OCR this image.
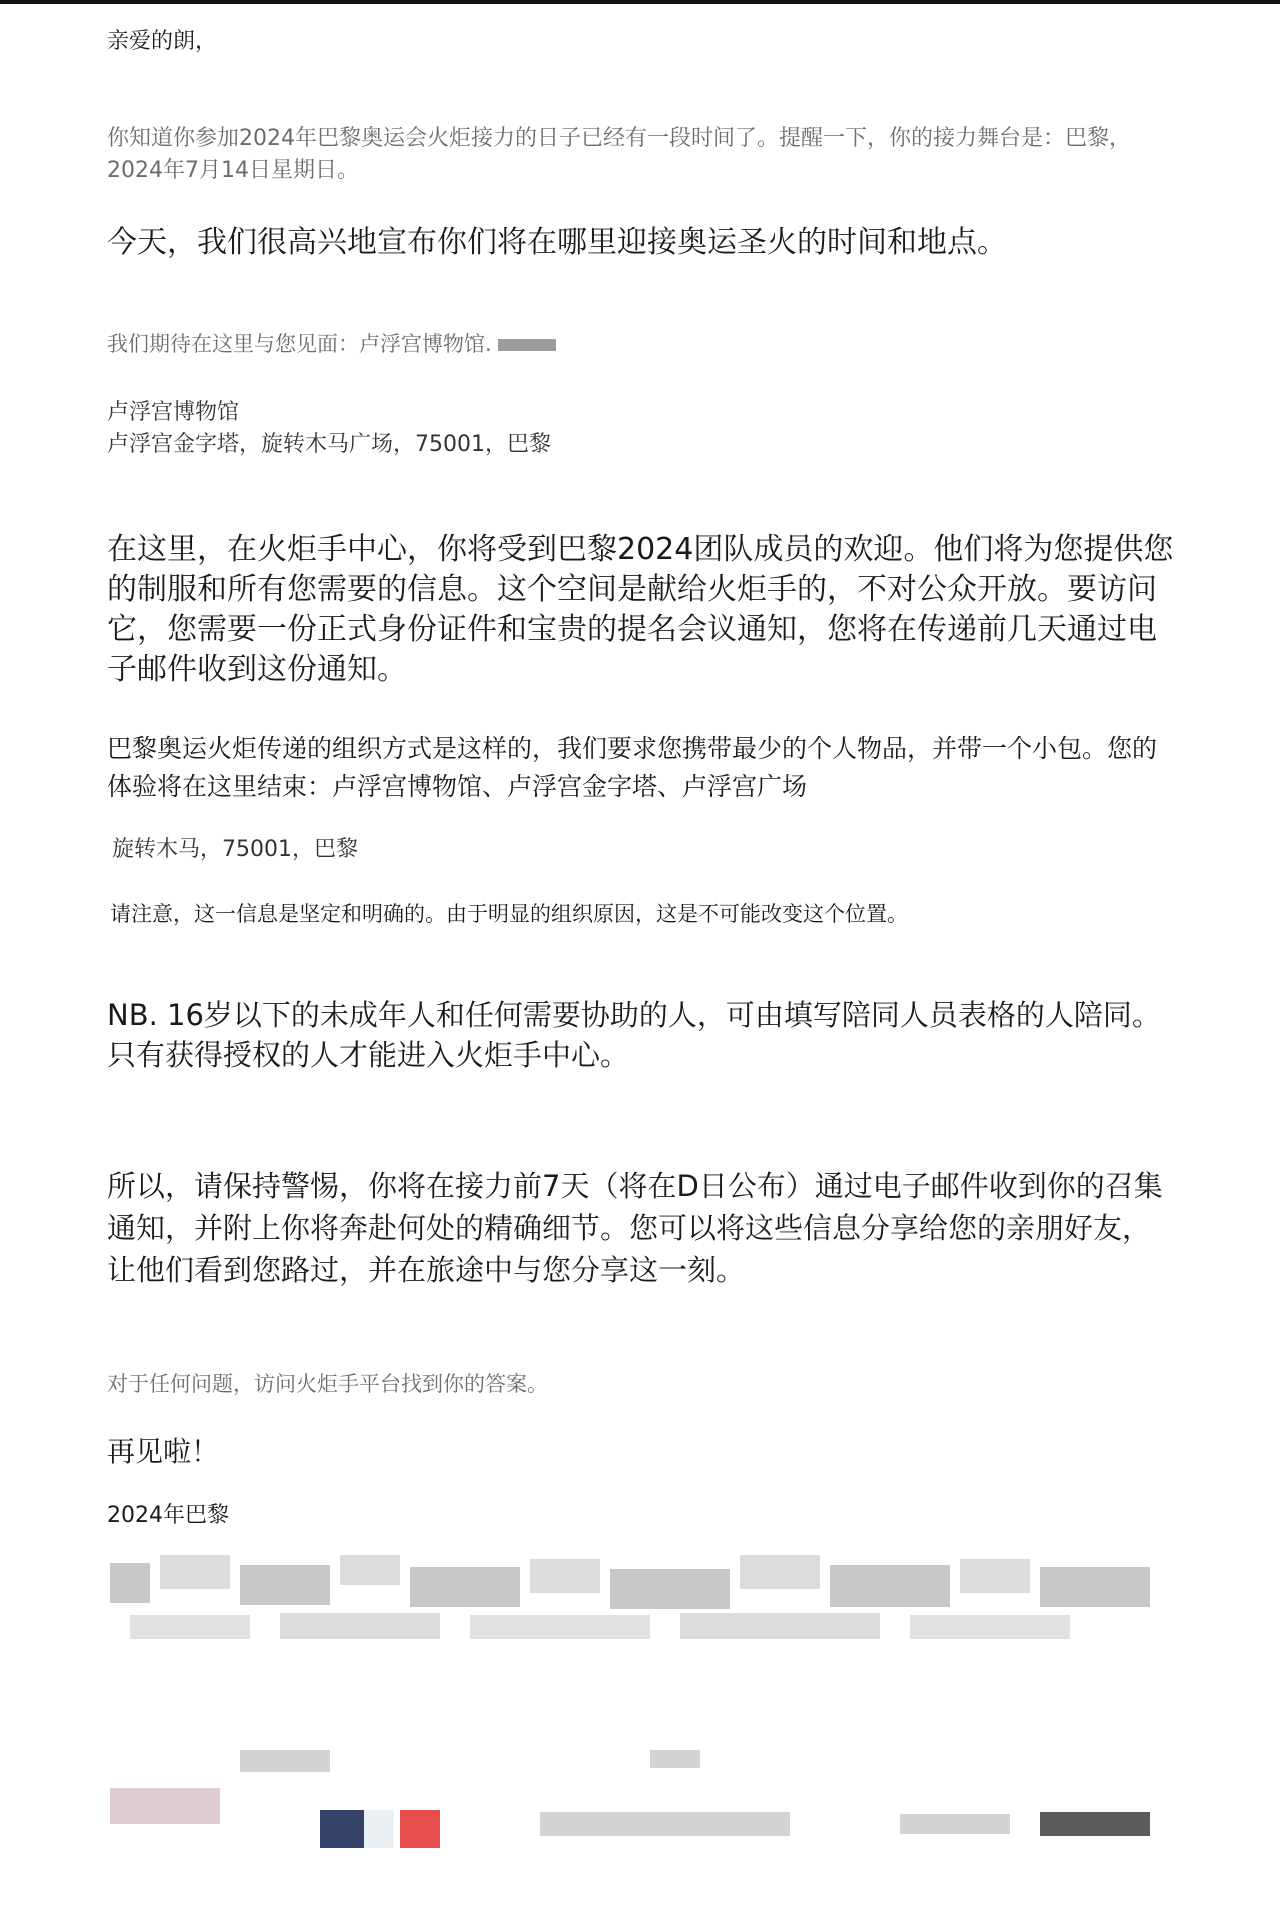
亲爱的朗，

你知道你参加2024年巴黎奥运会火炬接力的日子已经有一段时间了。提醒一下，你的接力舞台是：巴黎，2024年7月14日星期日。

今天，我们很高兴地宣布你们将在哪里迎接奥运圣火的时间和地点。

我们期待在这里与您见面：卢浮宫博物馆.

卢浮宫博物馆

卢浮宫金字塔，旋转木马广场，75001，巴黎

在这里，在火炬手中心，你将受到巴黎2024团队成员的欢迎。他们将为您提供您的制服和所有您需要的信息。这个空间是献给火炬手的，不对公众开放。要访问它，您需要一份正式身份证件和宝贵的提名会议通知，您将在传递前几天通过电子邮件收到这份通知。

巴黎奥运火炬传递的组织方式是这样的，我们要求您携带最少的个人物品，并带一个小包。您的体验将在这里结束：卢浮宫博物馆、卢浮宫金字塔、卢浮宫广场

旋转木马，75001，巴黎

请注意，这一信息是坚定和明确的。由于明显的组织原因，这是不可能改变这个位置。

NB. 16岁以下的未成年人和任何需要协助的人，可由填写陪同人员表格的人陪同。只有获得授权的人才能进入火炬手中心。

所以，请保持警惕，你将在接力前7天（将在D日公布）通过电子邮件收到你的召集通知，并附上你将奔赴何处的精确细节。您可以将这些信息分享给您的亲朋好友，让他们看到您路过，并在旅途中与您分享这一刻。

对于任何问题，访问火炬手平台找到你的答案。

再见啦！

2024年巴黎
